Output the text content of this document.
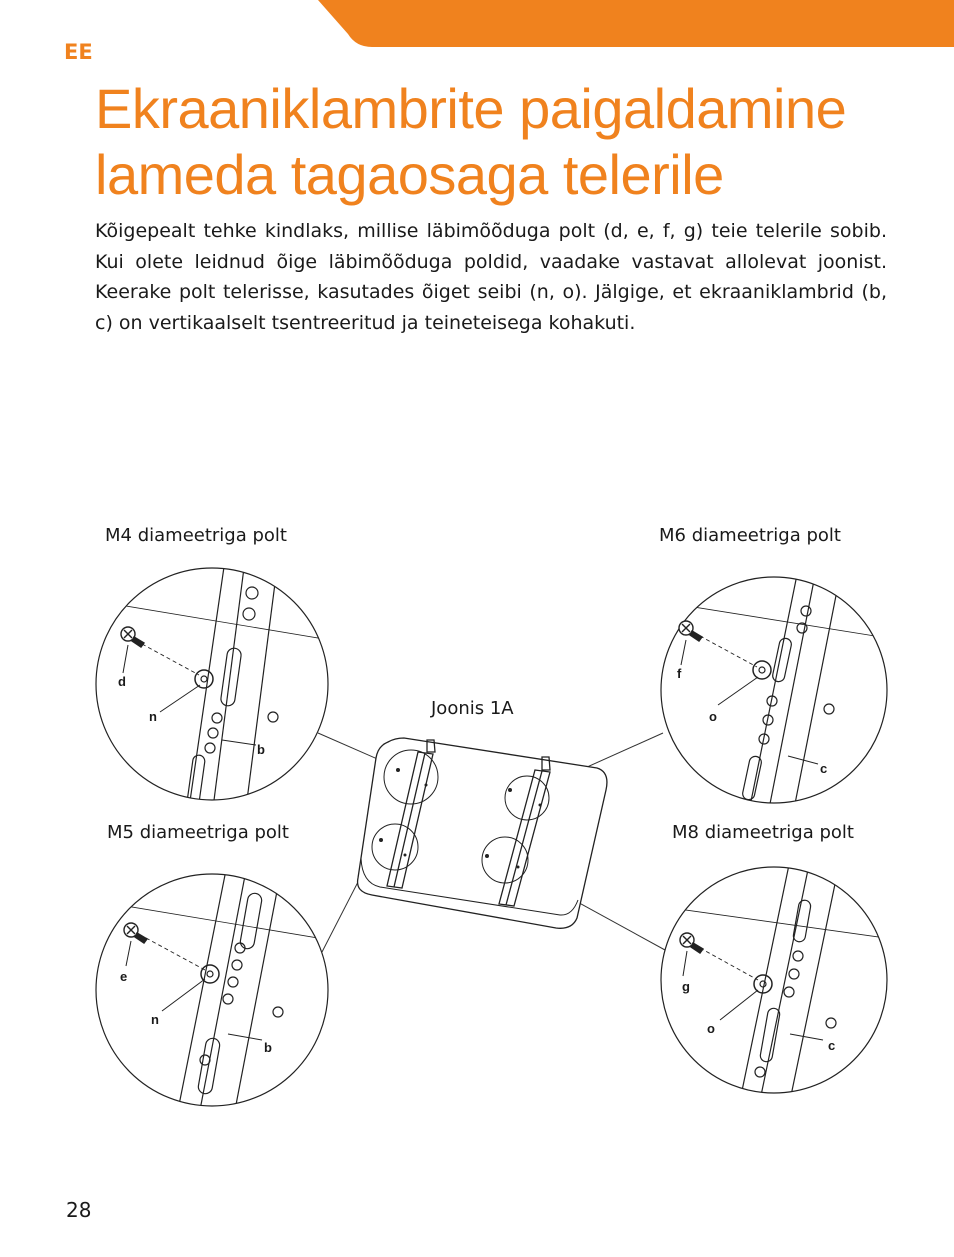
EE
Ekraaniklambrite paigaldamine
lameda tagaosaga telerile

Kõigepealt tehke kindlaks, millise läbimõõduga polt (d, e, f, g) teie telerile sobib. Kui olete leidnud õige läbimõõduga poldid, vaadake vastavat allolevat joonist. Keerake polt telerisse, kasutades õiget seibi (n, o). Jälgige, et ekraaniklambrid (b, c) on vertikaalselt tsentreeritud ja teineteisega kohakuti.

M4 diameetriga polt	M6 diameetriga polt
M5 diameetriga polt	M8 diameetriga polt
Joonis 1A
d
n
b
f
o
c
e
n
b
g
o
c
28
